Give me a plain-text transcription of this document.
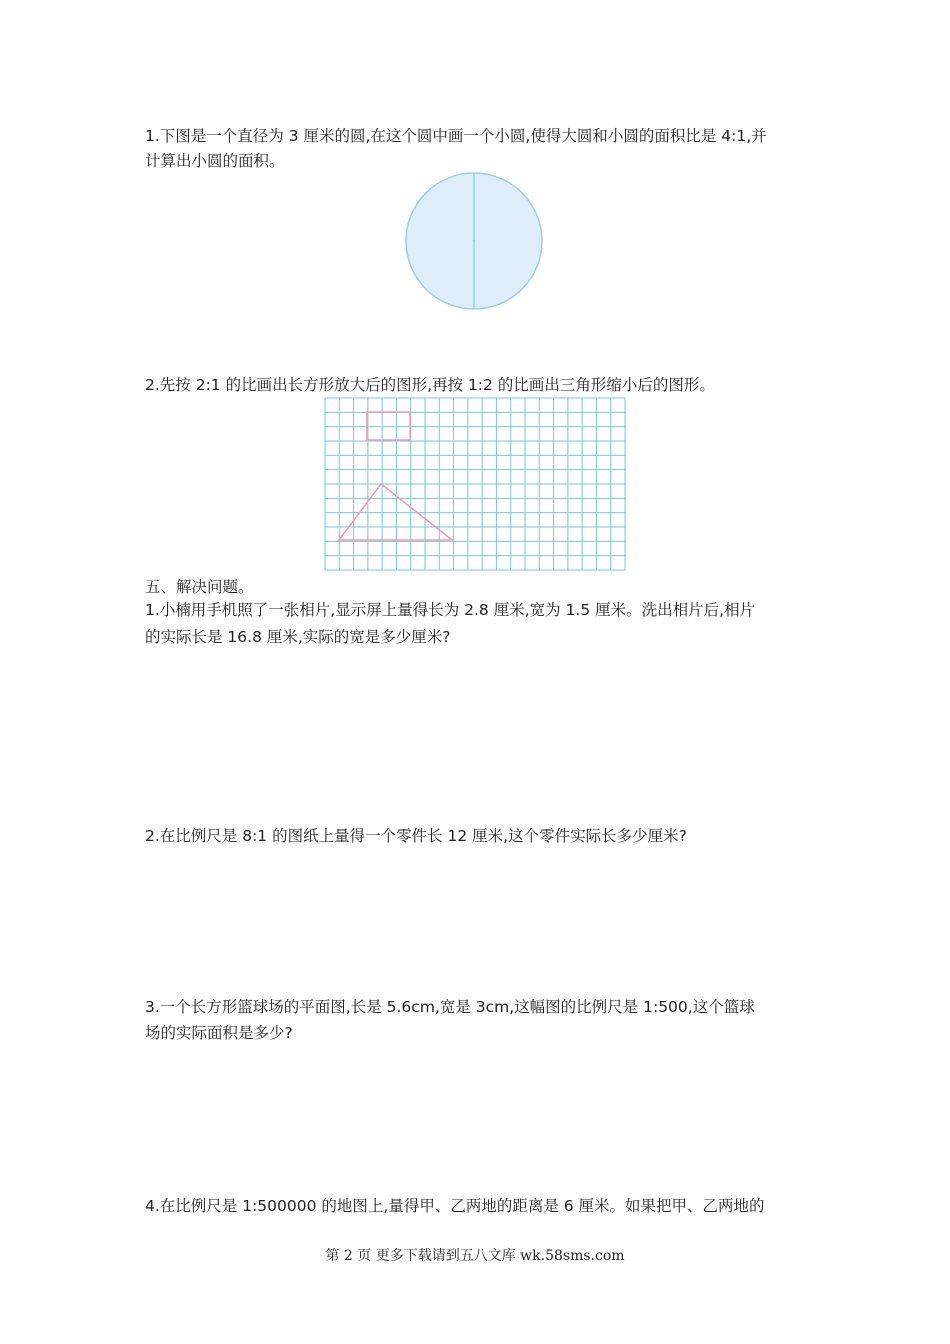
1.下图是一个直径为 3 厘米的圆,在这个圆中画一个小圆,使得大圆和小圆的面积比是 4:1,并
计算出小圆的面积。
2.先按 2:1 的比画出长方形放大后的图形,再按 1:2 的比画出三角形缩小后的图形。
五、解决问题。
1.小楠用手机照了一张相片,显示屏上量得长为 2.8 厘米,宽为 1.5 厘米。洗出相片后,相片
的实际长是 16.8 厘米,实际的宽是多少厘米?
2.在比例尺是 8:1 的图纸上量得一个零件长 12 厘米,这个零件实际长多少厘米?
3.一个长方形篮球场的平面图,长是 5.6cm,宽是 3cm,这幅图的比例尺是 1:500,这个篮球
场的实际面积是多少?
4.在比例尺是 1:500000 的地图上,量得甲、乙两地的距离是 6 厘米。如果把甲、乙两地的
第 2 页 更多下载请到五八文库 wk.58sms.com
